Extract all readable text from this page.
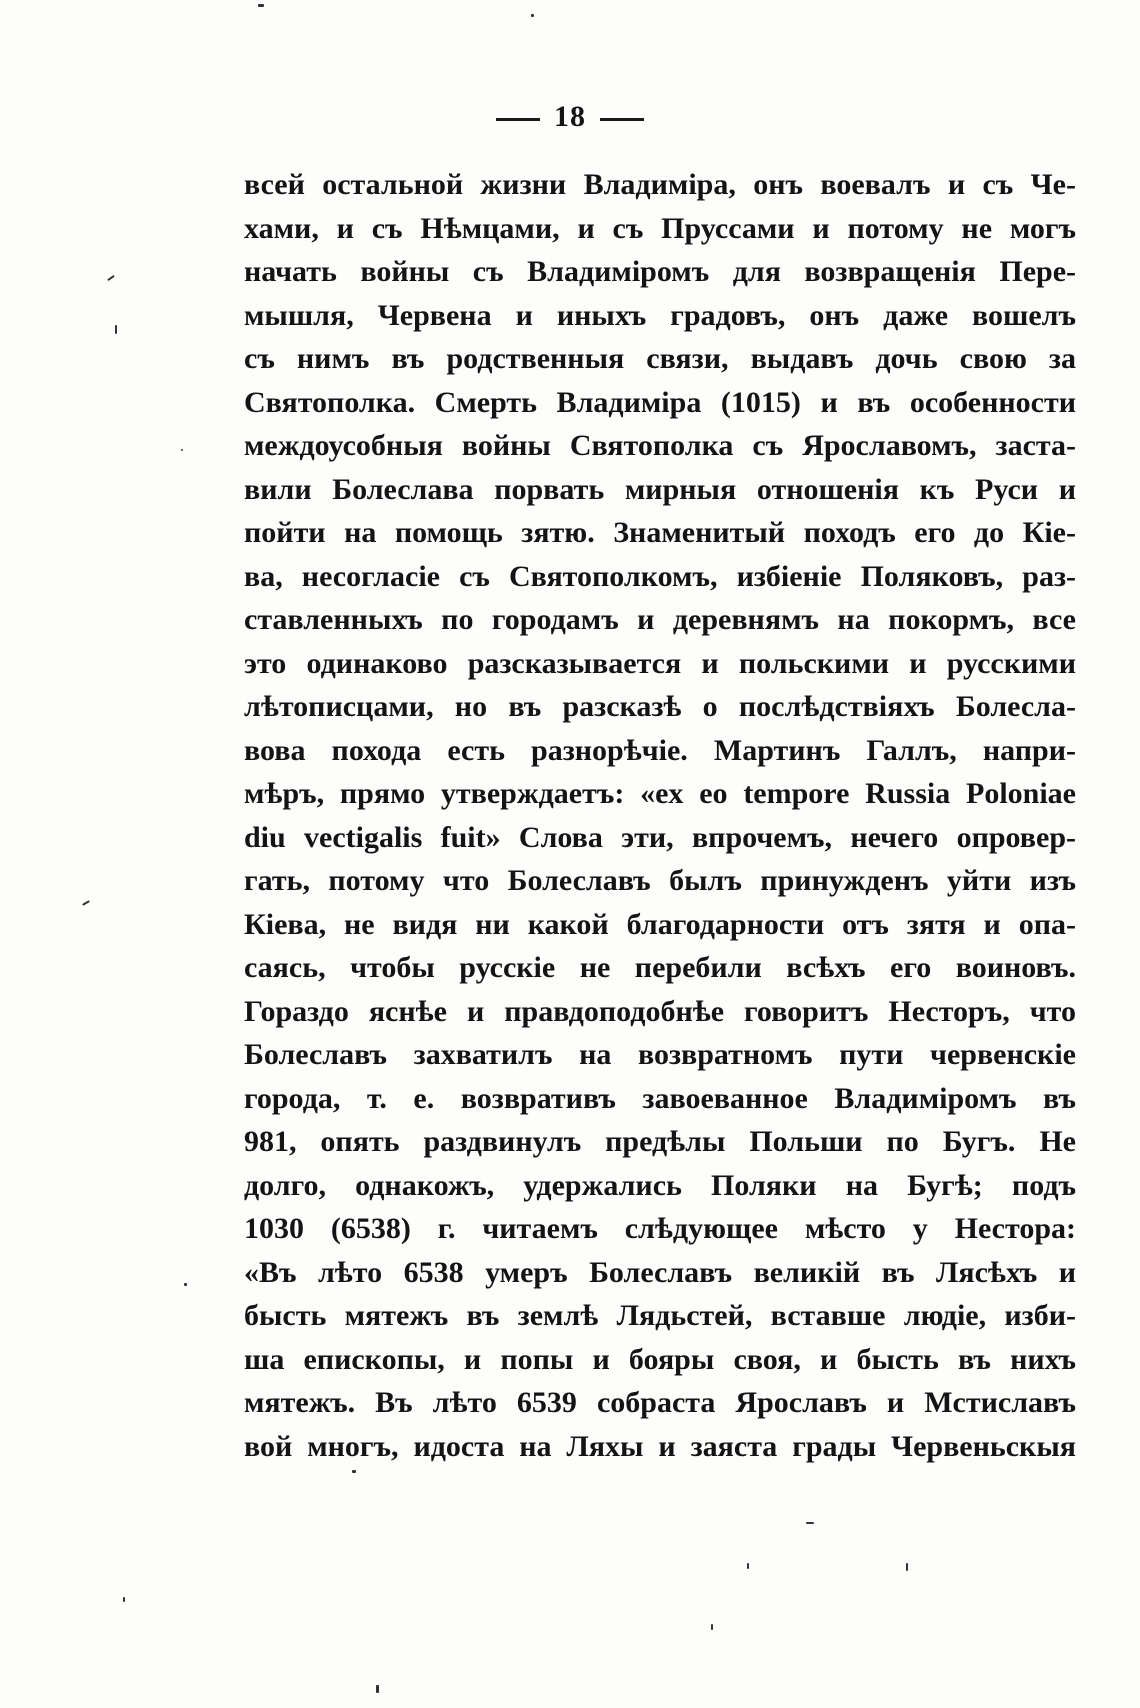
18
всей остальной жизни Владиміра, онъ воевалъ и съ Че-
хами, и съ Нѣмцами, и съ Пруссами и потому не могъ
начать войны съ Владиміромъ для возвращенія Пере-
мышля, Червена и иныхъ градовъ, онъ даже вошелъ
съ нимъ въ родственныя связи, выдавъ дочь свою за
Святополка. Смерть Владиміра (1015) и въ особенности
междоусобныя войны Святополка съ Ярославомъ, заста-
вили Болеслава порвать мирныя отношенія къ Руси и
пойти на помощь зятю. Знаменитый походъ его до Кіе-
ва, несогласіе съ Святополкомъ, избіеніе Поляковъ, раз-
ставленныхъ по городамъ и деревнямъ на покормъ, все
это одинаково разсказывается и польскими и русскими
лѣтописцами, но въ разсказѣ о послѣдствіяхъ Болесла-
вова похода есть разнорѣчіе. Мартинъ Галлъ, напри-
мѣръ, прямо утверждаетъ: «ex eo tempore Russia Poloniae
diu vectigalis fuit» Слова эти, впрочемъ, нечего опровер-
гать, потому что Болеславъ былъ принужденъ уйти изъ
Кіева, не видя ни какой благодарности отъ зятя и опа-
саясь, чтобы русскіе не перебили всѣхъ его воиновъ.
Гораздо яснѣе и правдоподобнѣе говоритъ Несторъ, что
Болеславъ захватилъ на возвратномъ пути червенскіе
города, т. е. возвративъ завоеванное Владиміромъ въ
981, опять раздвинулъ предѣлы Польши по Бугъ. Не
долго, однакожъ, удержались Поляки на Бугѣ; подъ
1030 (6538) г. читаемъ слѣдующее мѣсто у Нестора:
«Въ лѣто 6538 умеръ Болеславъ великій въ Лясѣхъ и
бысть мятежъ въ землѣ Лядьстей, вставше людіе, изби-
ша епископы, и попы и бояры своя, и бысть въ нихъ
мятежъ. Въ лѣто 6539 собраста Ярославъ и Мстиславъ
вой многъ, идоста на Ляхы и заяста грады Червеньскыя
